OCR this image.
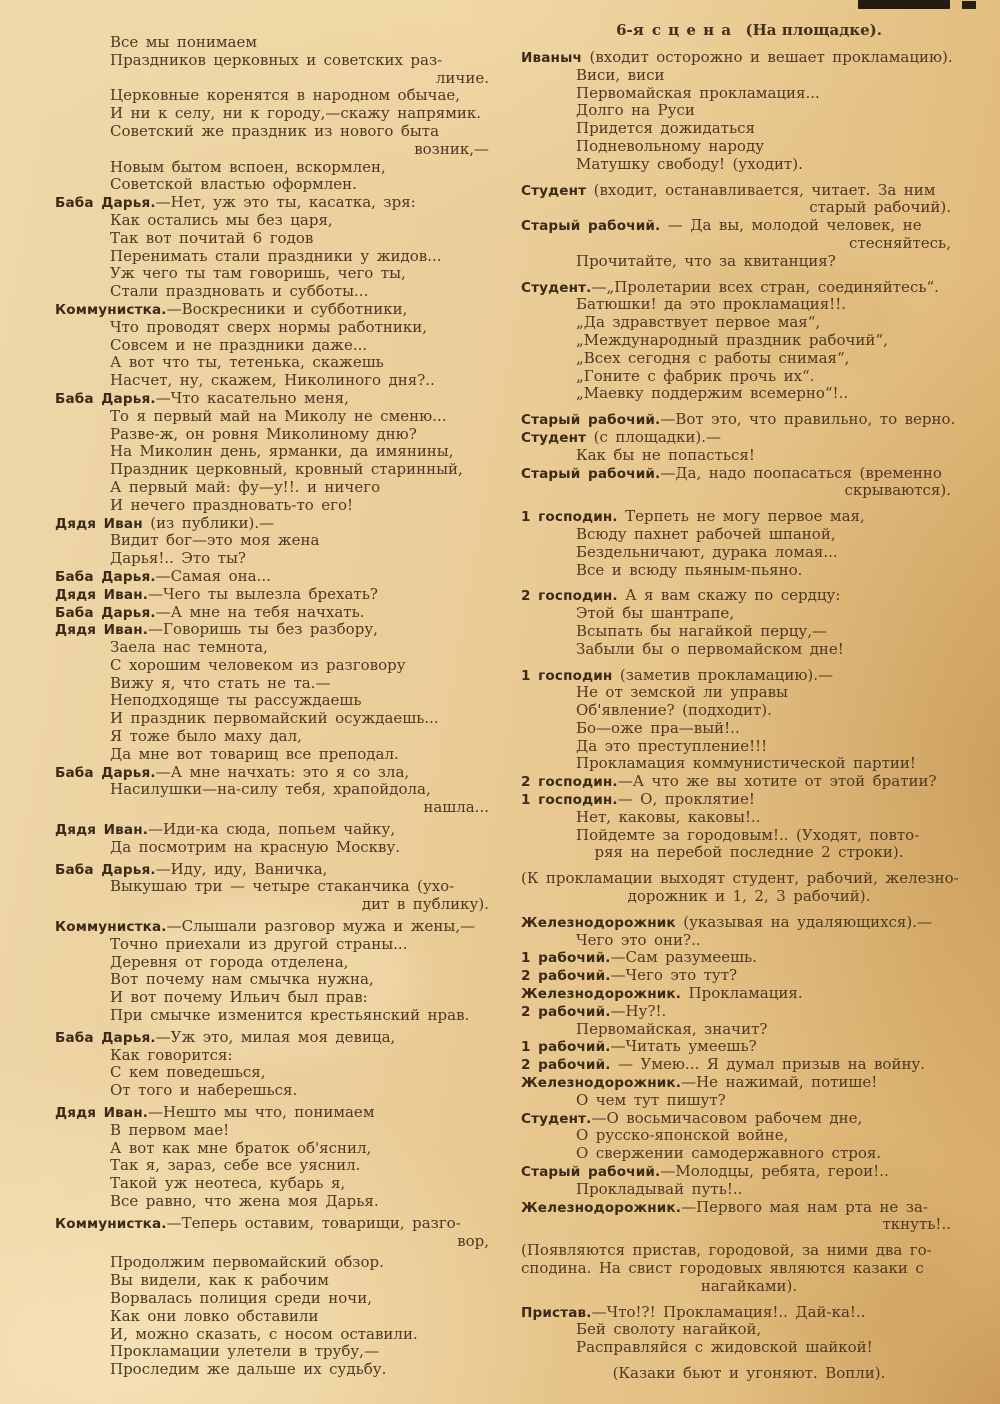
Все мы понимаем
Праздников церковных и советских раз-
личие.
Церковные коренятся в народном обычае,
И ни к селу, ни к городу,—скажу напрямик.
Советский же праздник из нового быта
возник,—
Новым бытом вспоен, вскормлен,
Советской властью оформлен.
Баба Дарья.—Нет, уж это ты, касатка, зря:
Как остались мы без царя,
Так вот почитай 6 годов
Перенимать стали праздники у жидов...
Уж чего ты там говоришь, чего ты,
Стали праздновать и субботы...
Коммунистка.—Воскресники и субботники,
Что проводят сверх нормы работники,
Совсем и не праздники даже...
А вот что ты, тетенька, скажешь
Насчет, ну, скажем, Николиного дня?..
Баба Дарья.—Что касательно меня,
То я первый май на Миколу не сменю...
Разве-ж, он ровня Миколиному дню?
На Миколин день, ярманки, да имянины,
Праздник церковный, кровный старинный,
А первый май: фу—у!!. и ничего
И нечего праздновать-то его!
Дядя Иван (из публики).—
Видит бог—это моя жена
Дарья!.. Это ты?
Баба Дарья.—Самая она...
Дядя Иван.—Чего ты вылезла брехать?
Баба Дарья.—А мне на тебя начхать.
Дядя Иван.—Говоришь ты без разбору,
Заела нас темнота,
С хорошим человеком из разговору
Вижу я, что стать не та.—
Неподходяще ты рассуждаешь
И праздник первомайский осуждаешь...
Я тоже было маху дал,
Да мне вот товарищ все преподал.
Баба Дарья.—А мне начхать: это я со зла,
Насилушки—на-силу тебя, храпойдола,
нашла...
Дядя Иван.—Иди-ка сюда, попьем чайку,
Да посмотрим на красную Москву.
Баба Дарья.—Иду, иду, Ваничка,
Выкушаю три — четыре стаканчика (ухо-
дит в публику).
Коммунистка.—Слышали разговор мужа и жены,—
Точно приехали из другой страны...
Деревня от города отделена,
Вот почему нам смычка нужна,
И вот почему Ильич был прав:
При смычке изменится крестьянский нрав.
Баба Дарья.—Уж это, милая моя девица,
Как говорится:
С кем поведешься,
От того и наберешься.
Дядя Иван.—Нешто мы что, понимаем
В первом мае!
А вот как мне браток об'яснил,
Так я, зараз, себе все уяснил.
Такой уж неотеса, кубарь я,
Все равно, что жена моя Дарья.
Коммунистка.—Теперь оставим, товарищи, разго-
вор,
Продолжим первомайский обзор.
Вы видели, как к рабочим
Ворвалась полиция среди ночи,
Как они ловко обставили
И, можно сказать, с носом оставили.
Прокламации улетели в трубу,—
Проследим же дальше их судьбу.
6-я сцена (На площадке).
Иваныч (входит осторожно и вешает прокламацию).
Виси, виси
Первомайская прокламация...
Долго на Руси
Придется дожидаться
Подневольному народу
Матушку свободу! (уходит).
Студент (входит, останавливается, читает. За ним
старый рабочий).
Старый рабочий. — Да вы, молодой человек, не
стесняйтесь,
Прочитайте, что за квитанция?
Студент.—„Пролетарии всех стран, соединяйтесь“.
Батюшки! да это прокламация!!.
„Да здравствует первое мая“,
„Международный праздник рабочий“,
„Всех сегодня с работы снимая“,
„Гоните с фабрик прочь их“.
„Маевку поддержим всемерно“!..
Старый рабочий.—Вот это, что правильно, то верно.
Студент (с площадки).—
Как бы не попасться!
Старый рабочий.—Да, надо поопасаться (временно
скрываются).
1 господин. Терпеть не могу первое мая,
Всюду пахнет рабочей шпаной,
Бездельничают, дурака ломая...
Все и всюду пьяным-пьяно.
2 господин. А я вам скажу по сердцу:
Этой бы шантрапе,
Всыпать бы нагайкой перцу,—
Забыли бы о первомайском дне!
1 господин (заметив прокламацию).—
Не от земской ли управы
Об'явление? (подходит).
Бо—оже пра—вый!..
Да это преступление!!!
Прокламация коммунистической партии!
2 господин.—А что же вы хотите от этой братии?
1 господин.— О, проклятие!
Нет, каковы, каковы!..
Пойдемте за городовым!.. (Уходят, повто-
ряя на перебой последние 2 строки).
(К прокламации выходят студент, рабочий, железно-
дорожник и 1, 2, 3 рабочий).
Железнодорожник (указывая на удаляющихся).—
Чего это они?..
1 рабочий.—Сам разумеешь.
2 рабочий.—Чего это тут?
Железнодорожник. Прокламация.
2 рабочий.—Ну?!.
Первомайская, значит?
1 рабочий.—Читать умеешь?
2 рабочий. — Умею... Я думал призыв на войну.
Железнодорожник.—Не нажимай, потише!
О чем тут пишут?
Студент.—О восьмичасовом рабочем дне,
О русско-японской войне,
О свержении самодержавного строя.
Старый рабочий.—Молодцы, ребята, герои!..
Прокладывай путь!..
Железнодорожник.—Первого мая нам рта не за-
ткнуть!..
(Появляются пристав, городовой, за ними два го-
сподина. На свист городовых являются казаки с
нагайками).
Пристав.—Что!?! Прокламация!.. Дай-ка!..
Бей сволоту нагайкой,
Расправляйся с жидовской шайкой!
(Казаки бьют и угоняют. Вопли).
